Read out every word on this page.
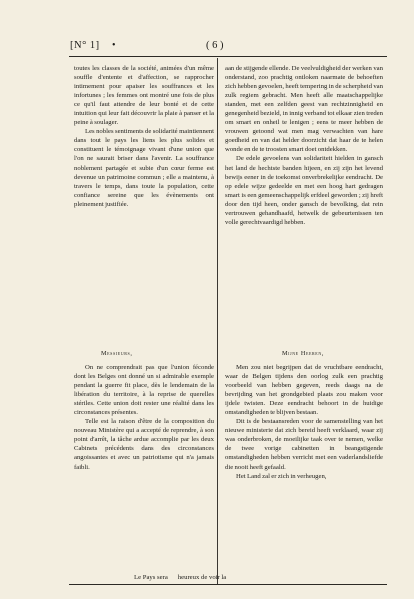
[N° 1] •	( 6 )

toutes les classes de la société, animées d'un même souffle d'entente et d'affection, se rapprocher intimement pour apaiser les souffrances et les infortunes ; les femmes ont montré une fois de plus ce qu'il faut attendre de leur bonté et de cette intuition qui leur fait découvrir la plaie à panser et la peine à soulager.

Les nobles sentiments de solidarité maintiennent dans tout le pays les liens les plus solides et constituent le témoignage vivant d'une union que l'on ne saurait briser dans l'avenir. La souffrance noblement partagée et subie d'un cœur ferme est devenue un patrimoine commun ; elle a maintenu, à travers le temps, dans toute la population, cette confiance sereine que les évènements ont pleinement justifiée.

aan de stijgende ellende. De veelvuldigheid der werken van onderstand, zoo prachtig ontloken naarmate de behoeften zich hebben gevoelen, heeft tempering in de scherpheid van zulk regiem gebracht. Men heeft alle maatschappelijke standen, met een zelfden geest van rechtzinnigheid en genegenheid bezield, in innig verband tot elkaar zien treden om smart en onheil te lenigen ; eens te meer hebben de vrouwen getoond wat men mag verwachten van hare goedheid en van dat helder doorzicht dat haar de te helen wonde en de te troosten smart doet ontdekken.

De edele gevoelens van solidariteit hielden in gansch het land de hechtste banden hijeen, en zij zijn het levend bewijs eener in de toekomst onverbrekelijke eendracht. De op edele wijze gedeelde en met een hoog hart gedragen smart is een gemeenschappelijk erfdeel geworden ; zij hreft door den tijd heen, onder gansch de bevolking, dat rein vertrouwen gehandhaafd, hetwelk de gebeurtenissen ten volle gerechtvaardigd hebben.

Messieurs,	Mijne Heeren,

On ne comprendrait pas que l'union féconde dont les Belges ont donné un si admirable exemple pendant la guerre fit place, dès le lendemain de la libération du territoire, à la reprise de querelles stériles. Cette union doit rester une réalité dans les circonstances présentes.

Telle est la raison d'être de la composition du nouveau Ministère qui a accepté de reprendre, à son point d'arrêt, la tâche ardue accomplie par les deux Cabinets précédents dans des circonstances angoissantes et avec un patriotisme qui n'a jamais faibli.

Men zou niet begrijpen dat de vruchtbare eendracht, waar de Belgen tijdens den oorlog zulk een prachtig voorbeeld van hebben gegeven, reeds daags na de bevrijding van het grondgebied plaats zou maken voor ijdele twisten. Deze eendracht behoort in de huidige omstandigheden te blijven bestaan.

Dit is de bestaansreden voor de samenstelling van het nieuwe ministerie dat zich bereid heeft verklaard, waar zij was onderbroken, de moeilijke taak over te nemen, welke de twee vorige cabinetten in beangstigende omstandigheden hebben verricht met een vaderlandsliefde die nooit heeft gefaald.

Het Land zal er zich in verheugen,

Le Pays sera heureux de voir la
